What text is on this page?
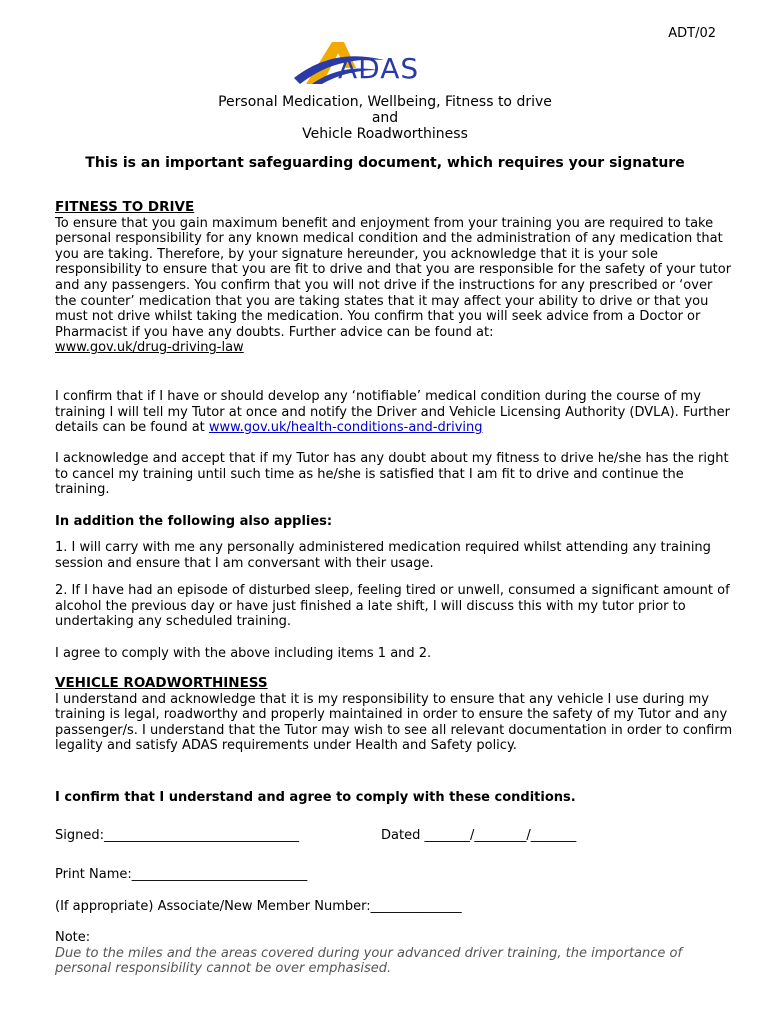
ADT/02
ADAS
Personal Medication, Wellbeing, Fitness to drive
and
Vehicle Roadworthiness
This is an important safeguarding document, which requires your signature
FITNESS TO DRIVE
To ensure that you gain maximum benefit and enjoyment from your training you are required to take personal responsibility for any known medical condition and the administration of any medication that you are taking. Therefore, by your signature hereunder, you acknowledge that it is your sole responsibility to ensure that you are fit to drive and that you are responsible for the safety of your tutor and any passengers. You confirm that you will not drive if the instructions for any prescribed or ‘over the counter’ medication that you are taking states that it may affect your ability to drive or that you must not drive whilst taking the medication. You confirm that you will seek advice from a Doctor or Pharmacist if you have any doubts. Further advice can be found at:
www.gov.uk/drug-driving-law
I confirm that if I have or should develop any ‘notifiable’ medical condition during the course of my training I will tell my Tutor at once and notify the Driver and Vehicle Licensing Authority (DVLA). Further details can be found at www.gov.uk/health-conditions-and-driving
I acknowledge and accept that if my Tutor has any doubt about my fitness to drive he/she has the right to cancel my training until such time as he/she is satisfied that I am fit to drive and continue the training.
In addition the following also applies:
1. I will carry with me any personally administered medication required whilst attending any training session and ensure that I am conversant with their usage.
2. If I have had an episode of disturbed sleep, feeling tired or unwell, consumed a significant amount of alcohol the previous day or have just finished a late shift, I will discuss this with my tutor prior to undertaking any scheduled training.
I agree to comply with the above including items 1 and 2.
VEHICLE ROADWORTHINESS
I understand and acknowledge that it is my responsibility to ensure that any vehicle I use during my training is legal, roadworthy and properly maintained in order to ensure the safety of my Tutor and any passenger/s. I understand that the Tutor may wish to see all relevant documentation in order to confirm legality and satisfy ADAS requirements under Health and Safety policy.
I confirm that I understand and agree to comply with these conditions.
Signed:______________________________	Dated _______/________/_______
Print Name:___________________________
(If appropriate) Associate/New Member Number:______________
Note:
Due to the miles and the areas covered during your advanced driver training, the importance of personal responsibility cannot be over emphasised.
